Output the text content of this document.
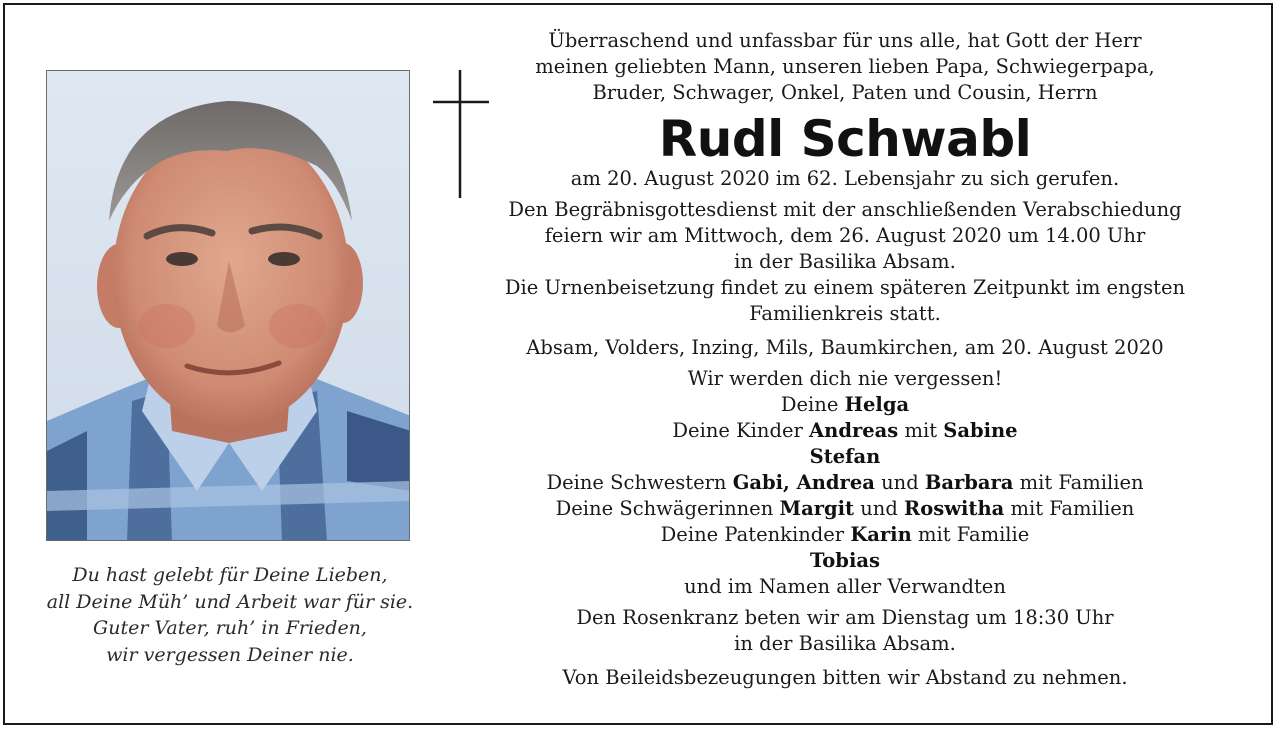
Du hast gelebt für Deine Lieben,
all Deine Müh’ und Arbeit war für sie.
Guter Vater, ruh’ in Frieden,
wir vergessen Deiner nie.
Überraschend und unfassbar für uns alle, hat Gott der Herr
meinen geliebten Mann, unseren lieben Papa, Schwiegerpapa,
Bruder, Schwager, Onkel, Paten und Cousin, Herrn
Rudl Schwabl
am 20. August 2020 im 62. Lebensjahr zu sich gerufen.
Den Begräbnisgottesdienst mit der anschließenden Verabschiedung
feiern wir am Mittwoch, dem 26. August 2020 um 14.00 Uhr
in der Basilika Absam.
Die Urnenbeisetzung findet zu einem späteren Zeitpunkt im engsten
Familienkreis statt.
Absam, Volders, Inzing, Mils, Baumkirchen, am 20. August 2020
Wir werden dich nie vergessen!
Deine Helga
Deine Kinder Andreas mit Sabine
Stefan
Deine Schwestern Gabi, Andrea und Barbara mit Familien
Deine Schwägerinnen Margit und Roswitha mit Familien
Deine Patenkinder Karin mit Familie
Tobias
und im Namen aller Verwandten
Den Rosenkranz beten wir am Dienstag um 18:30 Uhr
in der Basilika Absam.
Von Beileidsbezeugungen bitten wir Abstand zu nehmen.
